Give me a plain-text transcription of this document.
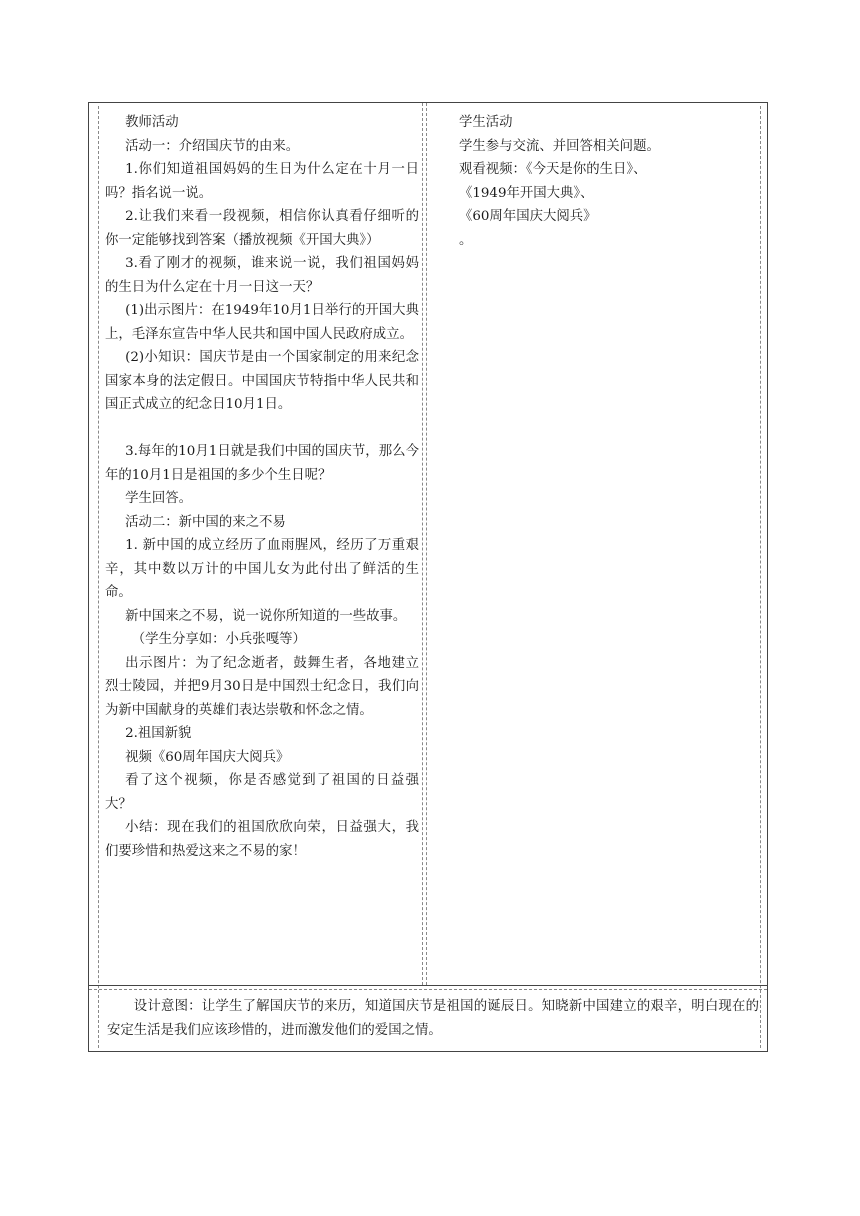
教师活动

活动一：介绍国庆节的由来。

1.你们知道祖国妈妈的生日为什么定在十月一日吗？指名说一说。

2.让我们来看一段视频，相信你认真看仔细听的你一定能够找到答案（播放视频《开国大典》）

3.看了刚才的视频，谁来说一说，我们祖国妈妈的生日为什么定在十月一日这一天？

(1)出示图片：在1949年10月1日举行的开国大典上，毛泽东宣告中华人民共和国中国人民政府成立。

(2)小知识：国庆节是由一个国家制定的用来纪念国家本身的法定假日。中国国庆节特指中华人民共和国正式成立的纪念日10月1日。

3.每年的10月1日就是我们中国的国庆节，那么今年的10月1日是祖国的多少个生日呢？

学生回答。

活动二：新中国的来之不易

1. 新中国的成立经历了血雨腥风，经历了万重艰辛，其中数以万计的中国儿女为此付出了鲜活的生命。

新中国来之不易，说一说你所知道的一些故事。

（学生分享如：小兵张嘎等）

出示图片：为了纪念逝者，鼓舞生者，各地建立烈士陵园，并把9月30日是中国烈士纪念日，我们向为新中国献身的英雄们表达崇敬和怀念之情。

2.祖国新貌

视频《60周年国庆大阅兵》

看了这个视频，你是否感觉到了祖国的日益强大？

小结：现在我们的祖国欣欣向荣，日益强大，我们要珍惜和热爱这来之不易的家！

学生活动

学生参与交流、并回答相关问题。

观看视频：《今天是你的生日》、

《1949年开国大典》、

《60周年国庆大阅兵》

。

设计意图：让学生了解国庆节的来历，知道国庆节是祖国的诞辰日。知晓新中国建立的艰辛，明白现在的安定生活是我们应该珍惜的，进而激发他们的爱国之情。
